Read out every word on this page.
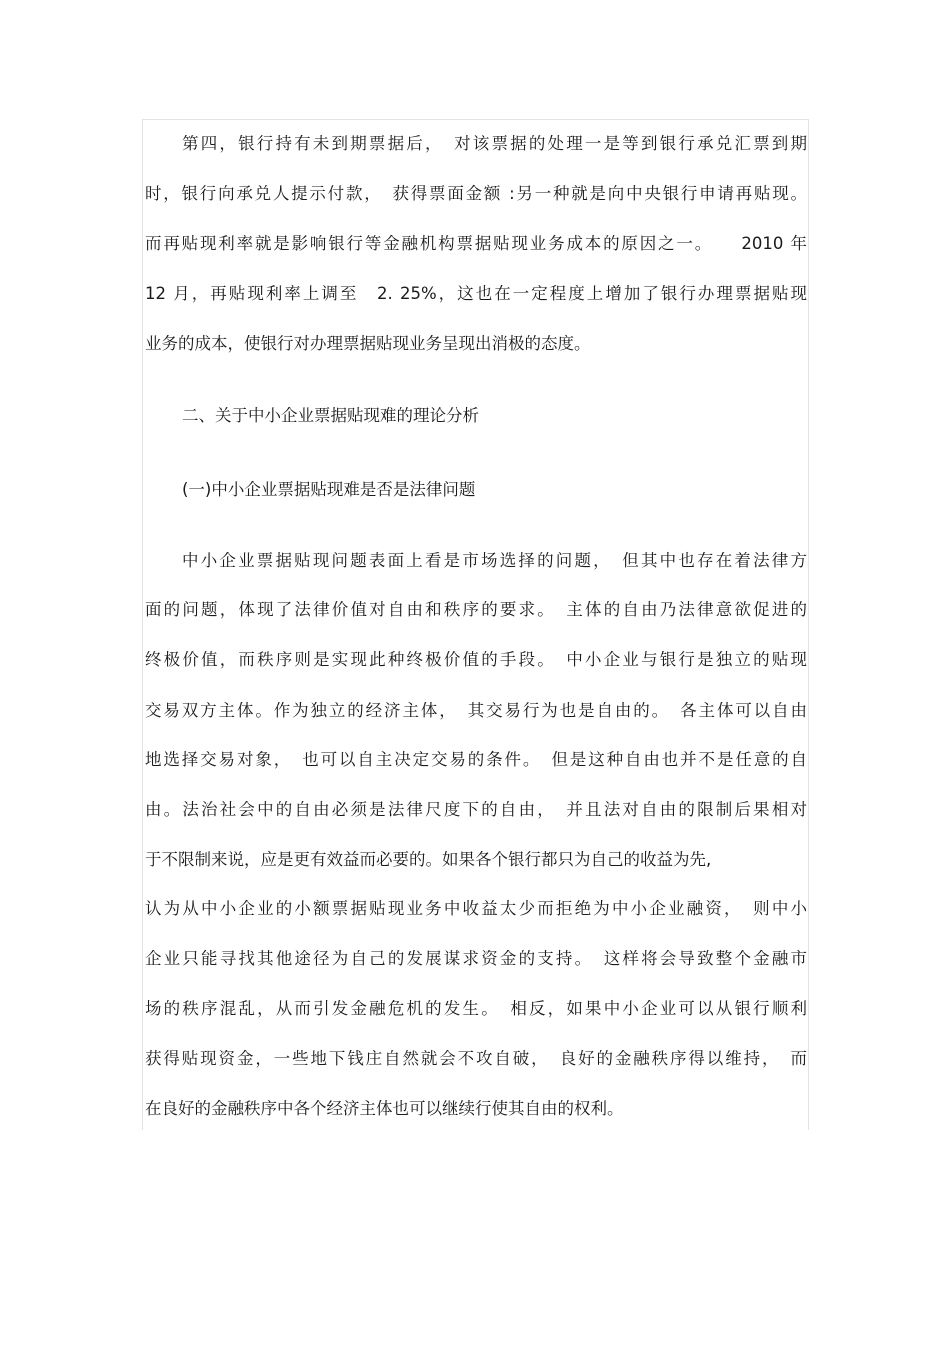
第四，银行持有未到期票据后，　对该票据的处理一是等到银行承兑汇票到期
时，银行向承兑人提示付款，　获得票面金额 :另一种就是向中央银行申请再贴现。
而再贴现利率就是影响银行等金融机构票据贴现业务成本的原因之一。　　2010 年
12 月，再贴现利率上调至　2. 25%，这也在一定程度上增加了银行办理票据贴现
业务的成本，使银行对办理票据贴现业务呈现出消极的态度。
二、关于中小企业票据贴现难的理论分析
(一)中小企业票据贴现难是否是法律问题
中小企业票据贴现问题表面上看是市场选择的问题，　但其中也存在着法律方
面的问题，体现了法律价值对自由和秩序的要求。　主体的自由乃法律意欲促进的
终极价值，而秩序则是实现此种终极价值的手段。　中小企业与银行是独立的贴现
交易双方主体。作为独立的经济主体，　其交易行为也是自由的。　各主体可以自由
地选择交易对象，　也可以自主决定交易的条件。　但是这种自由也并不是任意的自
由。法治社会中的自由必须是法律尺度下的自由，　并且法对自由的限制后果相对
于不限制来说，应是更有效益而必要的。如果各个银行都只为自己的收益为先,
认为从中小企业的小额票据贴现业务中收益太少而拒绝为中小企业融资，　则中小
企业只能寻找其他途径为自己的发展谋求资金的支持。　这样将会导致整个金融市
场的秩序混乱，从而引发金融危机的发生。　相反，如果中小企业可以从银行顺利
获得贴现资金，一些地下钱庄自然就会不攻自破，　良好的金融秩序得以维持，　而
在良好的金融秩序中各个经济主体也可以继续行使其自由的权利。
